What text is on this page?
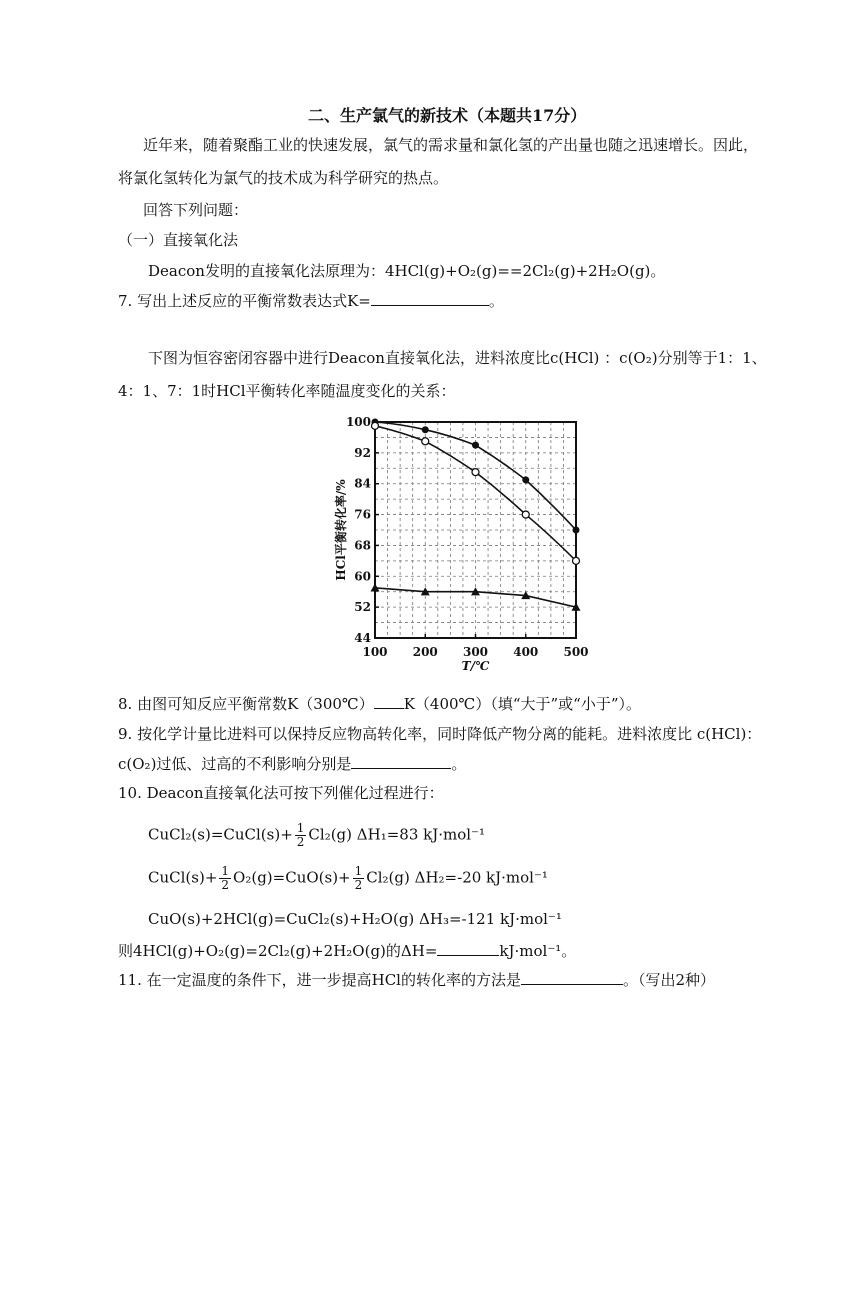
二、生产氯气的新技术（本题共17分）
近年来，随着聚酯工业的快速发展，氯气的需求量和氯化氢的产出量也随之迅速增长。因此，
将氯化氢转化为氯气的技术成为科学研究的热点。
回答下列问题：
（一）直接氧化法
Deacon发明的直接氧化法原理为：4HCl(g)+O₂(g)==2Cl₂(g)+2H₂O(g)。
7. 写出上述反应的平衡常数表达式K=	。
下图为恒容密闭容器中进行Deacon直接氧化法，进料浓度比c(HCl) ：c(O₂)分别等于1：1、
4：1、7：1时HCl平衡转化率随温度变化的关系：
100 200 300 400 500
44
52
60
68
76
84
92
100
T/℃
HCl平衡转化率/%
8. 由图可知反应平衡常数K（300℃） K（400℃）（填“大于”或“小于”）。
9. 按化学计量比进料可以保持反应物高转化率，同时降低产物分离的能耗。进料浓度比 c(HCl)：
c(O₂)过低、过高的不利影响分别是	。
10. Deacon直接氧化法可按下列催化过程进行：
CuCl₂(s)=CuCl(s)+ $\frac{1}{2} Cl_2(g)$ ΔH₁=83 kJ·mol⁻¹
CuCl(s)+ $\frac{1}{2} O_2(g)=CuO(s)+ \frac{1}{2} Cl_2(g)$ ΔH₂=-20 kJ·mol⁻¹
CuO(s)+2HCl(g)=CuCl₂(s)+H₂O(g) ΔH₃=-121 kJ·mol⁻¹
则4HCl(g)+O₂(g)=2Cl₂(g)+2H₂O(g)的ΔH=	kJ·mol⁻¹。
11. 在一定温度的条件下，进一步提高HCl的转化率的方法是	。（写出2种）
